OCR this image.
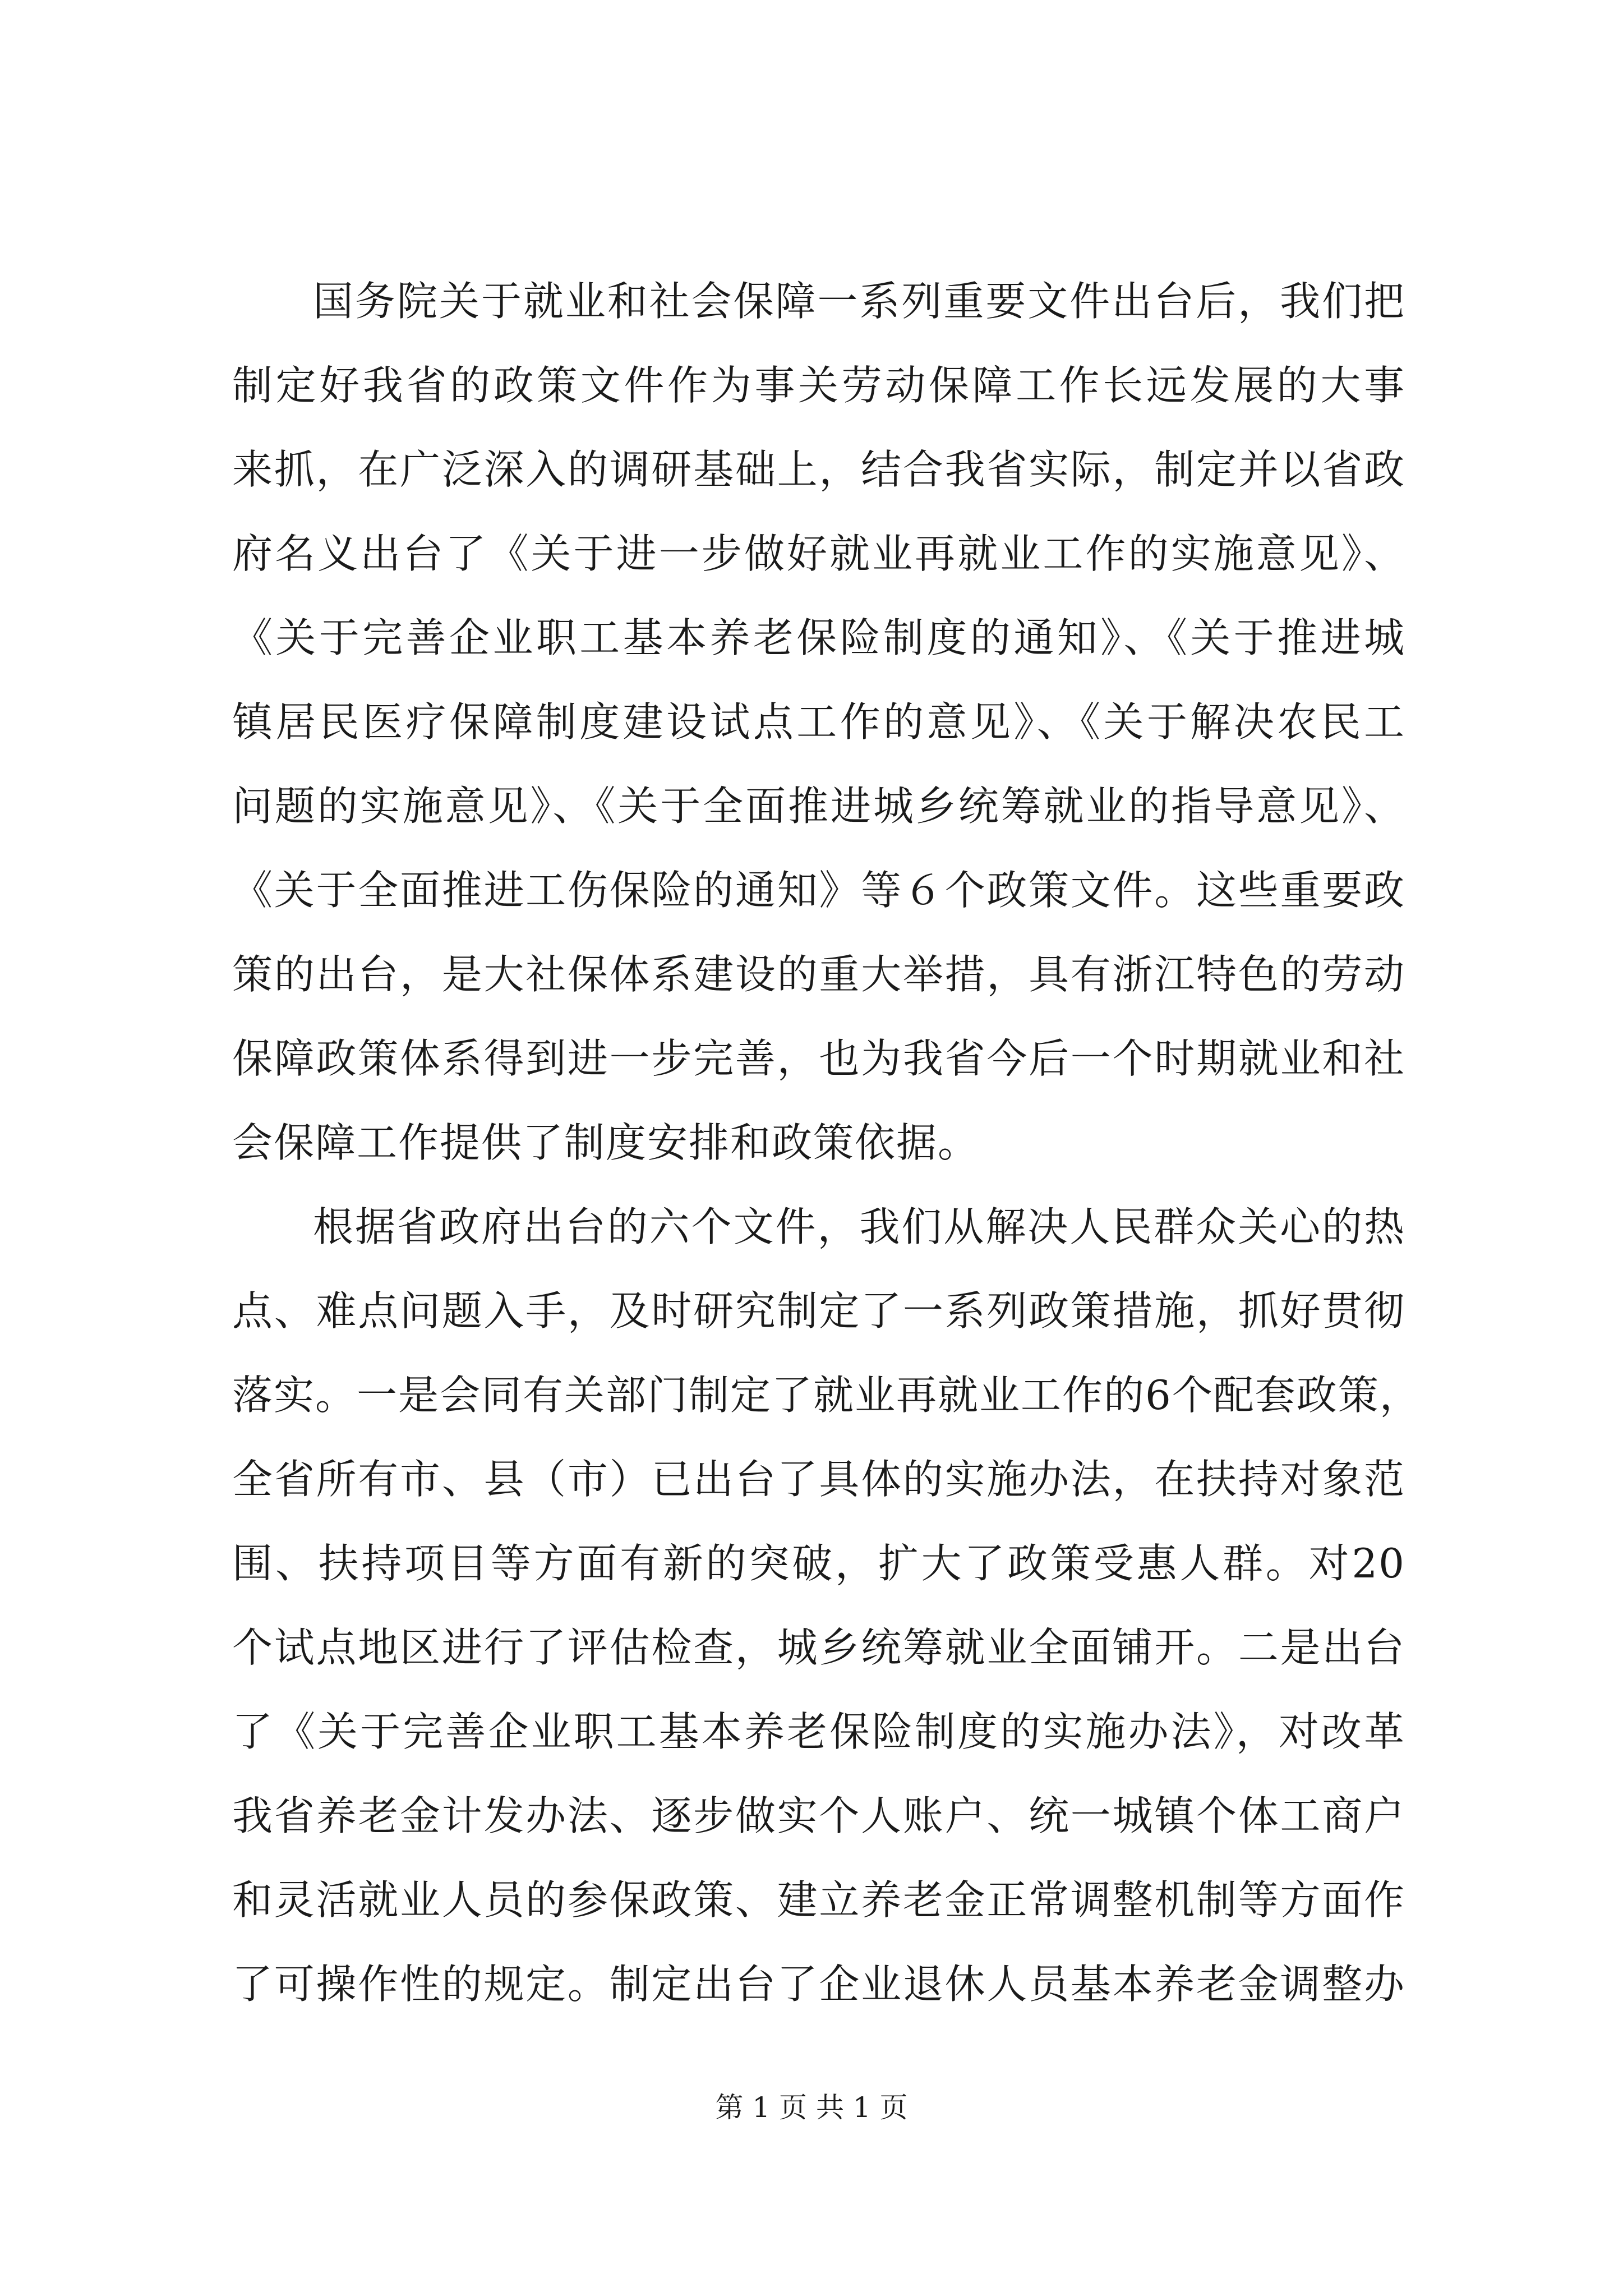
国务院关于就业和社会保障一系列重要文件出台后，我们把
制定好我省的政策文件作为事关劳动保障工作长远发展的大事
来抓，在广泛深入的调研基础上，结合我省实际，制定并以省政
府名义出台了《关于进一步做好就业再就业工作的实施意见》、
《关于完善企业职工基本养老保险制度的通知》、《关于推进城
镇居民医疗保障制度建设试点工作的意见》、《关于解决农民工
问题的实施意见》、《关于全面推进城乡统筹就业的指导意见》、
《关于全面推进工伤保险的通知》等６个政策文件。这些重要政
策的出台，是大社保体系建设的重大举措，具有浙江特色的劳动
保障政策体系得到进一步完善，也为我省今后一个时期就业和社
会保障工作提供了制度安排和政策依据。
根据省政府出台的六个文件，我们从解决人民群众关心的热
点、难点问题入手，及时研究制定了一系列政策措施，抓好贯彻
落实。一是会同有关部门制定了就业再就业工作的6个配套政策，
全省所有市、县（市）已出台了具体的实施办法，在扶持对象范
围、扶持项目等方面有新的突破，扩大了政策受惠人群。对20
个试点地区进行了评估检查，城乡统筹就业全面铺开。二是出台
了《关于完善企业职工基本养老保险制度的实施办法》，对改革
我省养老金计发办法、逐步做实个人账户、统一城镇个体工商户
和灵活就业人员的参保政策、建立养老金正常调整机制等方面作
了可操作性的规定。制定出台了企业退休人员基本养老金调整办
第 1 页 共 1 页
